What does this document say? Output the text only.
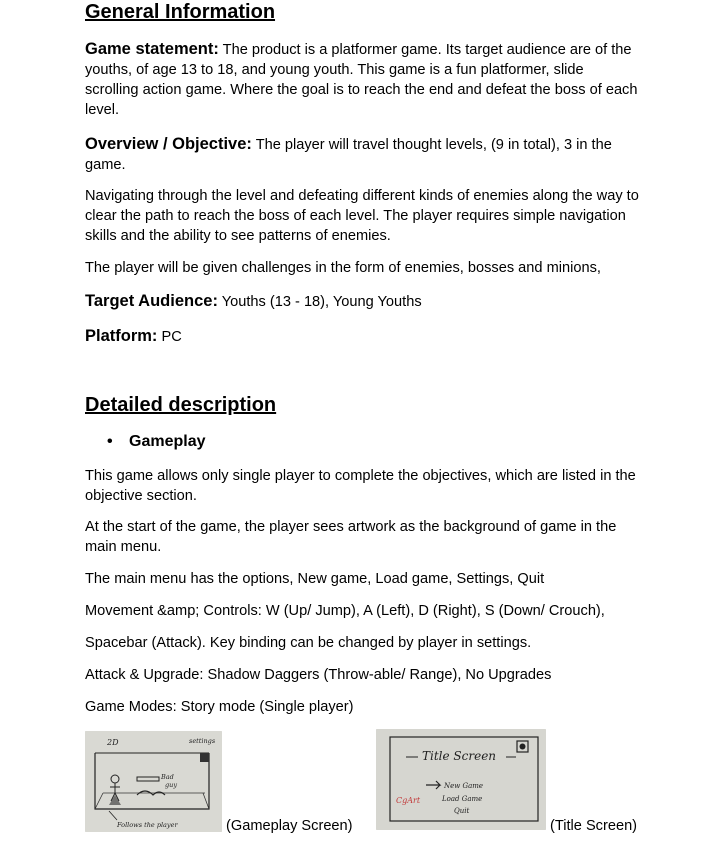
General Information

Game statement: The product is a platformer game. Its target audience are of the youths, of age 13 to 18, and young youth. This game is a fun platformer, slide scrolling action game. Where the goal is to reach the end and defeat the boss of each level.

Overview / Objective: The player will travel thought levels, (9 in total), 3 in the game.

Navigating through the level and defeating different kinds of enemies along the way to clear the path to reach the boss of each level. The player requires simple navigation skills and the ability to see patterns of enemies.

The player will be given challenges in the form of enemies, bosses and minions,

Target Audience: Youths (13 - 18), Young Youths

Platform: PC

Detailed description
• Gameplay

This game allows only single player to complete the objectives, which are listed in the objective section.

At the start of the game, the player sees artwork as the background of game in the main menu.

The main menu has the options, New game, Load game, Settings, Quit

Movement &amp; Controls: W (Up/ Jump), A (Left), D (Right), S (Down/ Crouch),

Spacebar (Attack). Key binding can be changed by player in settings.

Attack & Upgrade: Shadow Daggers (Throw-able/ Range), No Upgrades

Game Modes: Story mode (Single player)

2D	settings
Bad
guy
Follows the player	(Gameplay Screen)
Title Screen
New Game
Load Game
Quit
CgArt
(Title Screen)
